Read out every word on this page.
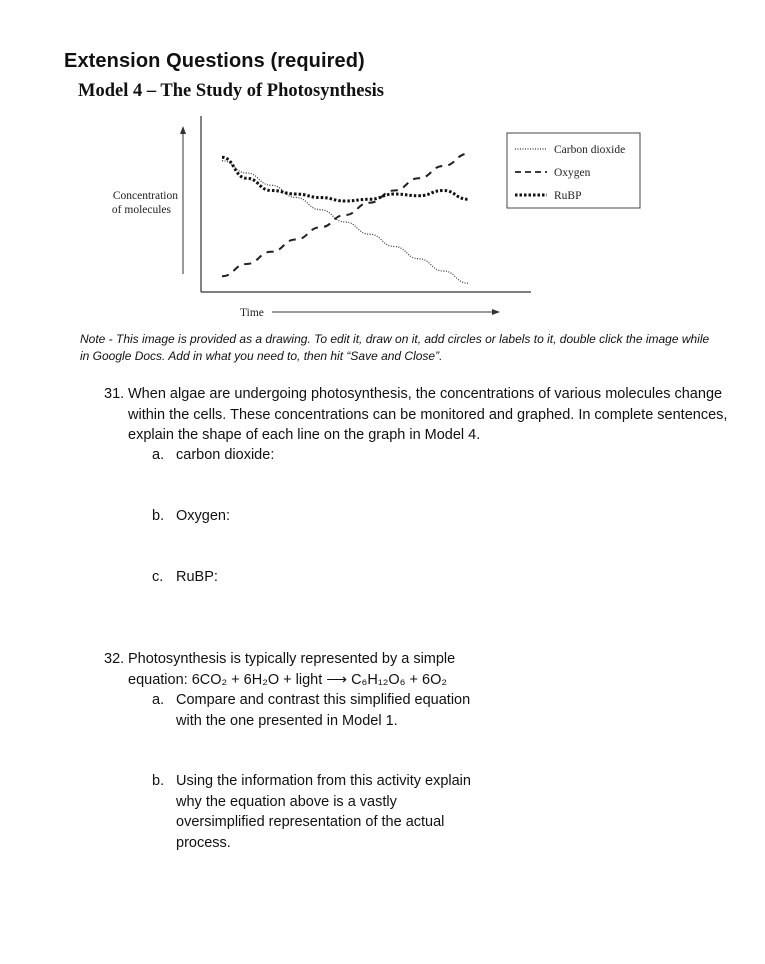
Extension Questions (required)
Model 4 – The Study of Photosynthesis
Concentration
of molecules
Time
Carbon dioxide
Oxygen
RuBP
Note - This image is provided as a drawing. To edit it, draw on it, add circles or labels to it, double click the image while in Google Docs. Add in what you need to, then hit “Save and Close”.
31. When algae are undergoing photosynthesis, the concentrations of various molecules change within the cells. These concentrations can be monitored and graphed. In complete sentences, explain the shape of each line on the graph in Model 4.
a. carbon dioxide:
b. Oxygen:
c. RuBP:
32. Photosynthesis is typically represented by a simple
equation: 6CO₂ + 6H₂O + light ⟶ C₆H₁₂O₆ + 6O₂
a. Compare and contrast this simplified equation
with the one presented in Model 1.
b. Using the information from this activity explain
why the equation above is a vastly
oversimplified representation of the actual
process.
